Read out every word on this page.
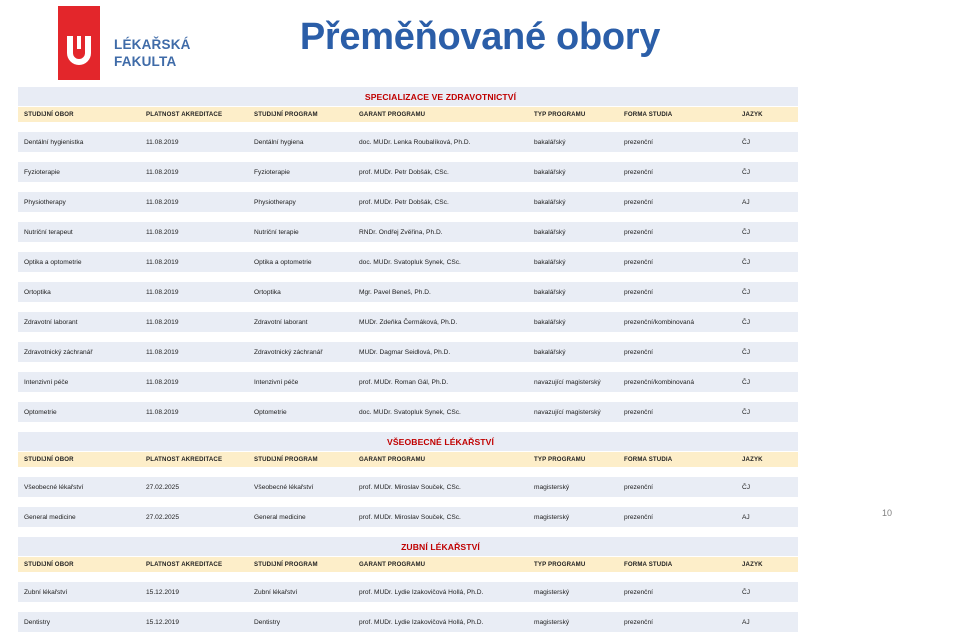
LÉKAŘSKÁ
FAKULTA
Přeměňované obory
			SPECIALIZACE VE ZDRAVOTNICTVÍ			
STUDIJNÍ OBOR	PLATNOST AKREDITACE	STUDIJNÍ PROGRAM	GARANT PROGRAMU	TYP PROGRAMU	FORMA STUDIA	JAZYK

Dentální hygienistka	11.08.2019	Dentální hygiena	doc. MUDr. Lenka Roubalíková, Ph.D.	bakalářský	prezenční	ČJ

Fyzioterapie	11.08.2019	Fyzioterapie	prof. MUDr. Petr Dobšák, CSc.	bakalářský	prezenční	ČJ

Physiotherapy	11.08.2019	Physiotherapy	prof. MUDr. Petr Dobšák, CSc.	bakalářský	prezenční	AJ

Nutriční terapeut	11.08.2019	Nutriční terapie	RNDr. Ondřej Zvěřina, Ph.D.	bakalářský	prezenční	ČJ

Optika a optometrie	11.08.2019	Optika a optometrie	doc. MUDr. Svatopluk Synek, CSc.	bakalářský	prezenční	ČJ

Ortoptika	11.08.2019	Ortoptika	Mgr. Pavel Beneš, Ph.D.	bakalářský	prezenční	ČJ

Zdravotní laborant	11.08.2019	Zdravotní laborant	MUDr. Zdeňka Čermáková, Ph.D.	bakalářský	prezenční/kombinovaná	ČJ

Zdravotnický záchranář	11.08.2019	Zdravotnický záchranář	MUDr. Dagmar Seidlová, Ph.D.	bakalářský	prezenční	ČJ

Intenzivní péče	11.08.2019	Intenzivní péče	prof. MUDr. Roman Gál, Ph.D.	navazující magisterský	prezenční/kombinovaná	ČJ

Optometrie	11.08.2019	Optometrie	doc. MUDr. Svatopluk Synek, CSc.	navazující magisterský	prezenční	ČJ

			VŠEOBECNÉ LÉKAŘSTVÍ			
STUDIJNÍ OBOR	PLATNOST AKREDITACE	STUDIJNÍ PROGRAM	GARANT PROGRAMU	TYP PROGRAMU	FORMA STUDIA	JAZYK

Všeobecné lékařství	27.02.2025	Všeobecné lékařství	prof. MUDr. Miroslav Souček, CSc.	magisterský	prezenční	ČJ

General medicine	27.02.2025	General medicine	prof. MUDr. Miroslav Souček, CSc.	magisterský	prezenční	AJ

			ZUBNÍ LÉKAŘSTVÍ			
STUDIJNÍ OBOR	PLATNOST AKREDITACE	STUDIJNÍ PROGRAM	GARANT PROGRAMU	TYP PROGRAMU	FORMA STUDIA	JAZYK

Zubní lékařství	15.12.2019	Zubní lékařství	prof. MUDr. Lydie Izakovičová Hollá, Ph.D.	magisterský	prezenční	ČJ

Dentistry	15.12.2019	Dentistry	prof. MUDr. Lydie Izakovičová Hollá, Ph.D.	magisterský	prezenční	AJ

10
